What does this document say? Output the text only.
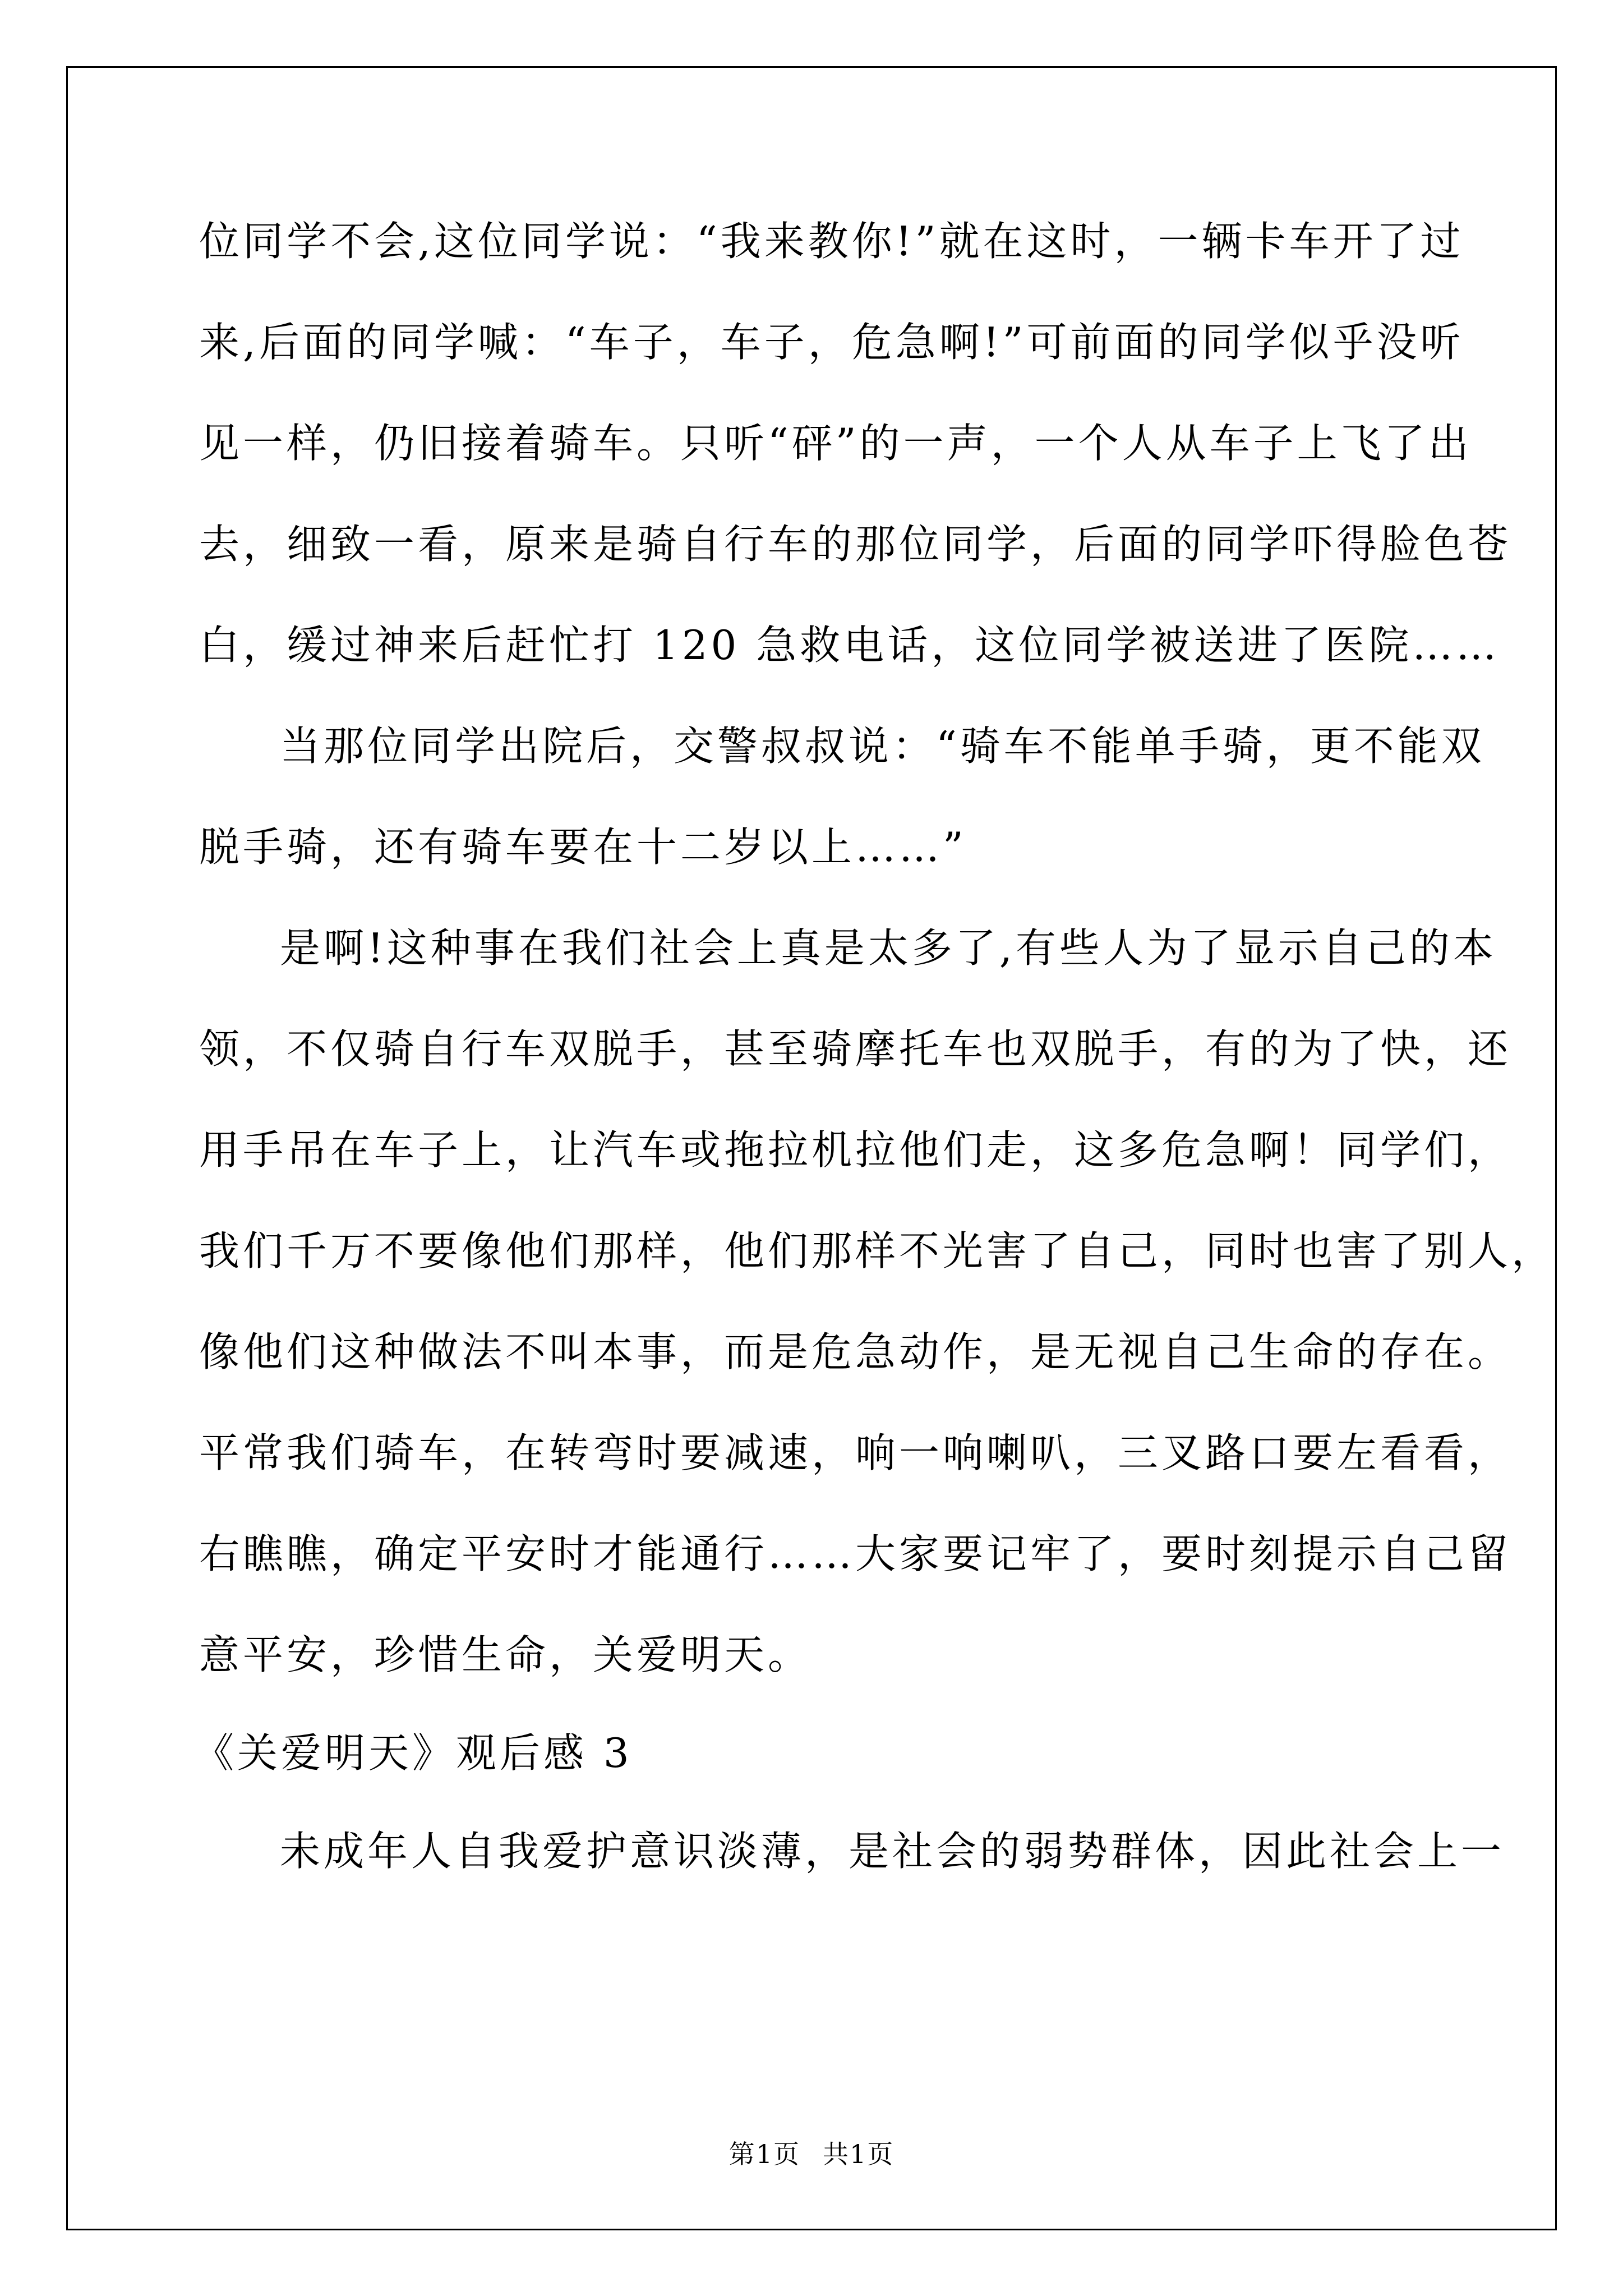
位同学不会,这位同学说：“我来教你!”就在这时，一辆卡车开了过
来,后面的同学喊：“车子，车子，危急啊!”可前面的同学似乎没听
见一样，仍旧接着骑车。只听“砰”的一声，一个人从车子上飞了出
去，细致一看，原来是骑自行车的那位同学，后面的同学吓得脸色苍
白，缓过神来后赶忙打 120 急救电话，这位同学被送进了医院……
当那位同学出院后，交警叔叔说：“骑车不能单手骑，更不能双
脱手骑，还有骑车要在十二岁以上……”
是啊!这种事在我们社会上真是太多了,有些人为了显示自己的本
领，不仅骑自行车双脱手，甚至骑摩托车也双脱手，有的为了快，还
用手吊在车子上，让汽车或拖拉机拉他们走，这多危急啊！同学们，
我们千万不要像他们那样，他们那样不光害了自己，同时也害了别人，
像他们这种做法不叫本事，而是危急动作，是无视自己生命的存在。
平常我们骑车，在转弯时要减速，响一响喇叭，三叉路口要左看看，
右瞧瞧，确定平安时才能通行……大家要记牢了，要时刻提示自己留
意平安，珍惜生命，关爱明天。
《关爱明天》观后感 3
未成年人自我爱护意识淡薄，是社会的弱势群体，因此社会上一
第1页 共1页
